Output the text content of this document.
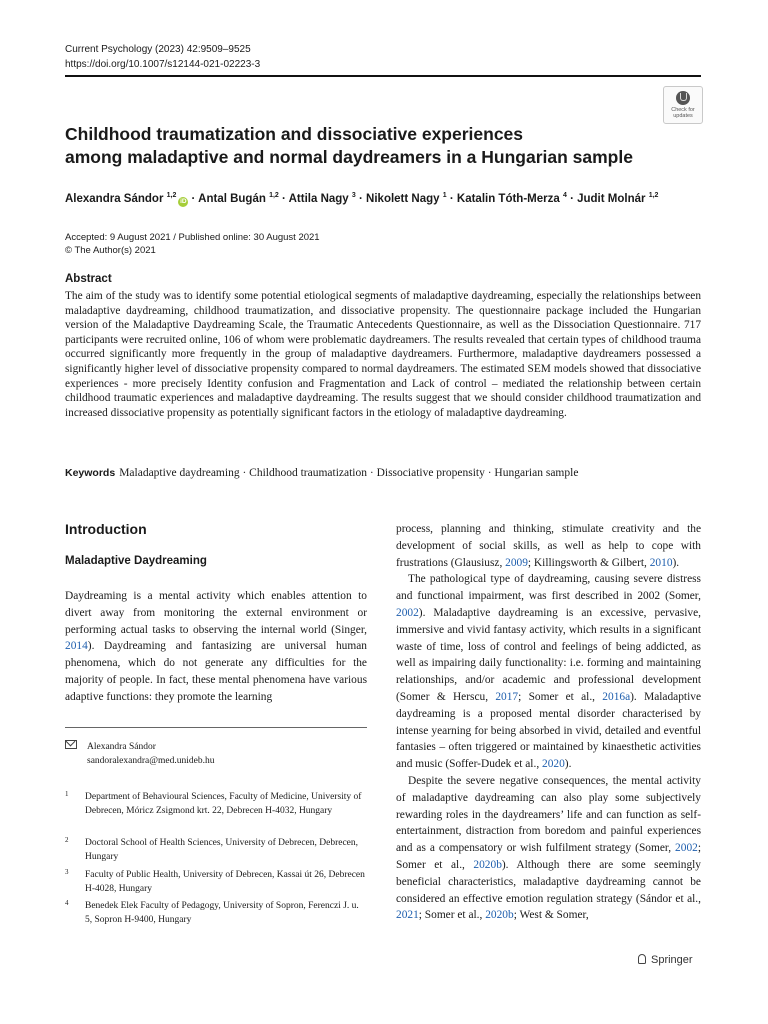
Current Psychology (2023) 42:9509–9525
https://doi.org/10.1007/s12144-021-02223-3
Check for
updates
Childhood traumatization and dissociative experiences
among maladaptive and normal daydreamers in a Hungarian sample
Alexandra Sándor $^{1,2}$iD · Antal Bugán $^{1,2}$ · Attila Nagy $^3$ · Nikolett Nagy $^1$ · Katalin Tóth-Merza $^4$ · Judit Molnár $^{1,2}$
Accepted: 9 August 2021 / Published online: 30 August 2021
© The Author(s) 2021
Abstract
The aim of the study was to identify some potential etiological segments of maladaptive daydreaming, especially the relationships between maladaptive daydreaming, childhood traumatization, and dissociative propensity. The questionnaire package included the Hungarian version of the Maladaptive Daydreaming Scale, the Traumatic Antecedents Questionnaire, as well as the Dissociation Questionnaire. 717 participants were recruited online, 106 of whom were problematic daydreamers. The results revealed that certain types of childhood trauma occurred significantly more frequently in the group of maladaptive daydreamers. Furthermore, maladaptive daydreamers possessed a significantly higher level of dissociative propensity compared to normal daydreamers. The estimated SEM models showed that dissociative experiences - more precisely Identity confusion and Fragmentation and Lack of control – mediated the relationship between certain childhood traumatic experiences and maladaptive daydreaming. The results suggest that we should consider childhood traumatization and increased dissociative propensity as potentially significant factors in the etiology of maladaptive daydreaming.
Keywords Maladaptive daydreaming · Childhood traumatization · Dissociative propensity · Hungarian sample
Introduction
Maladaptive Daydreaming

Daydreaming is a mental activity which enables attention to divert away from monitoring the external environment or performing actual tasks to observing the internal world (Singer, 2014). Daydreaming and fantasizing are universal human phenomena, which do not generate any difficulties for the majority of people. In fact, these mental phenomena have various adaptive functions: they promote the learning

Alexandra Sándor
sandoralexandra@med.unideb.hu
1 Department of Behavioural Sciences, Faculty of Medicine, University of Debrecen, Móricz Zsigmond krt. 22, Debrecen H-4032, Hungary
2 Doctoral School of Health Sciences, University of Debrecen, Debrecen, Hungary
3 Faculty of Public Health, University of Debrecen, Kassai út 26, Debrecen H-4028, Hungary
4 Benedek Elek Faculty of Pedagogy, University of Sopron, Ferenczi J. u. 5, Sopron H-9400, Hungary

process, planning and thinking, stimulate creativity and the development of social skills, as well as help to cope with frustrations (Glausiusz, 2009; Killingsworth & Gilbert, 2010).

The pathological type of daydreaming, causing severe distress and functional impairment, was first described in 2002 (Somer, 2002). Maladaptive daydreaming is an excessive, pervasive, immersive and vivid fantasy activity, which results in a significant waste of time, loss of control and feelings of being addicted, as well as impairing daily functionality: i.e. forming and maintaining relationships, and/or academic and professional development (Somer & Herscu, 2017; Somer et al., 2016a). Maladaptive daydreaming is a proposed mental disorder characterised by intense yearning for being absorbed in vivid, detailed and eventful fantasies – often triggered or maintained by kinaesthetic activities and music (Soffer-Dudek et al., 2020).

Despite the severe negative consequences, the mental activity of maladaptive daydreaming can also play some subjectively rewarding roles in the daydreamers’ life and can function as self-entertainment, distraction from boredom and painful experiences and as a compensatory or wish fulfilment strategy (Somer, 2002; Somer et al., 2020b). Although there are some seemingly beneficial characteristics, maladaptive daydreaming cannot be considered an effective emotion regulation strategy (Sándor et al., 2021; Somer et al., 2020b; West & Somer,

Springer
